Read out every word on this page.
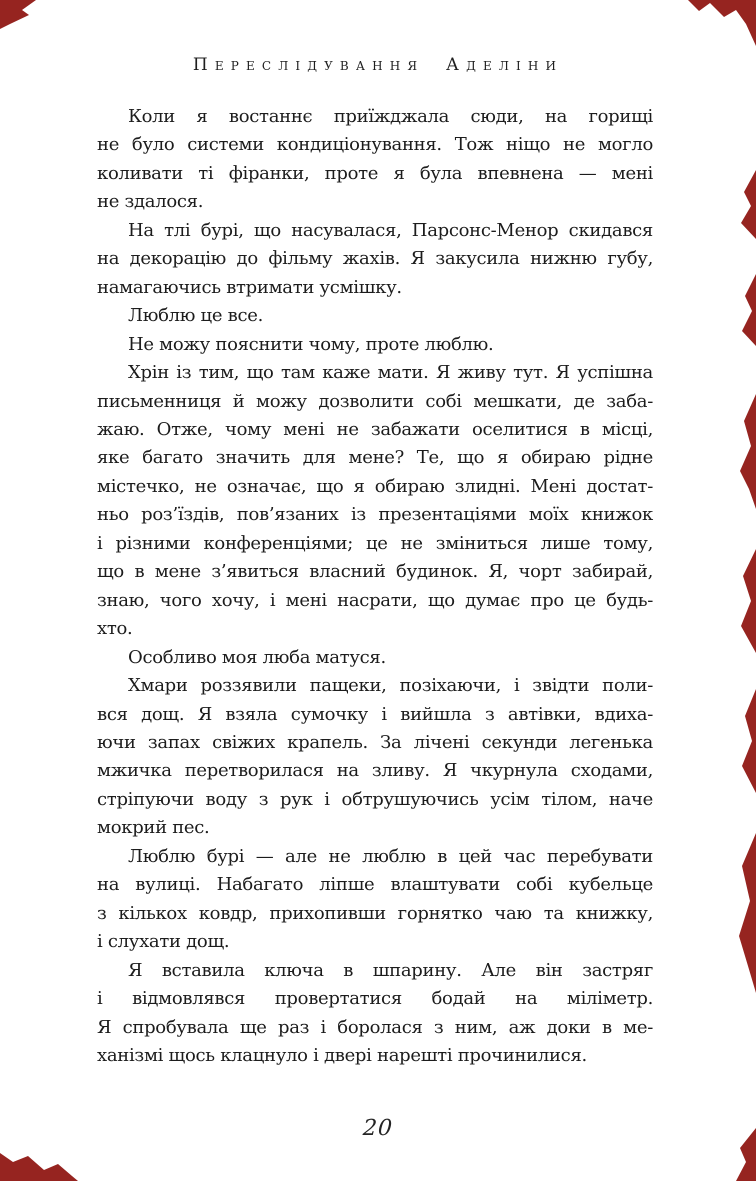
Переслідування Аделіни
Коли я востаннє приїжджала сюди, на горищі
не було системи кондиціонування. Тож ніщо не могло
коливати ті фіранки, проте я була впевнена — мені
не здалося.
На тлі бурі, що насувалася, Парсонс-Менор скидався
на декорацію до фільму жахів. Я закусила нижню губу,
намагаючись втримати усмішку.
Люблю це все.
Не можу пояснити чому, проте люблю.
Хрін із тим, що там каже мати. Я живу тут. Я успішна
письменниця й можу дозволити собі мешкати, де заба-
жаю. Отже, чому мені не забажати оселитися в місці,
яке багато значить для мене? Те, що я обираю рідне
містечко, не означає, що я обираю злидні. Мені достат-
ньо роз’їздів, пов’язаних із презентаціями моїх книжок
і різними конференціями; це не зміниться лише тому,
що в мене з’явиться власний будинок. Я, чорт забирай,
знаю, чого хочу, і мені насрати, що думає про це будь-
хто.
Особливо моя люба матуся.
Хмари роззявили пащеки, позіхаючи, і звідти поли-
вся дощ. Я взяла сумочку і вийшла з автівки, вдиха-
ючи запах свіжих крапель. За лічені секунди легенька
мжичка перетворилася на зливу. Я чкурнула сходами,
стріпуючи воду з рук і обтрушуючись усім тілом, наче
мокрий пес.
Люблю бурі — але не люблю в цей час перебувати
на вулиці. Набагато ліпше влаштувати собі кубельце
з кількох ковдр, прихопивши горнятко чаю та книжку,
і слухати дощ.
Я вставила ключа в шпарину. Але він застряг
і відмовлявся провертатися бодай на міліметр.
Я спробувала ще раз і боролася з ним, аж доки в ме-
ханізмі щось клацнуло і двері нарешті прочинилися.
20
